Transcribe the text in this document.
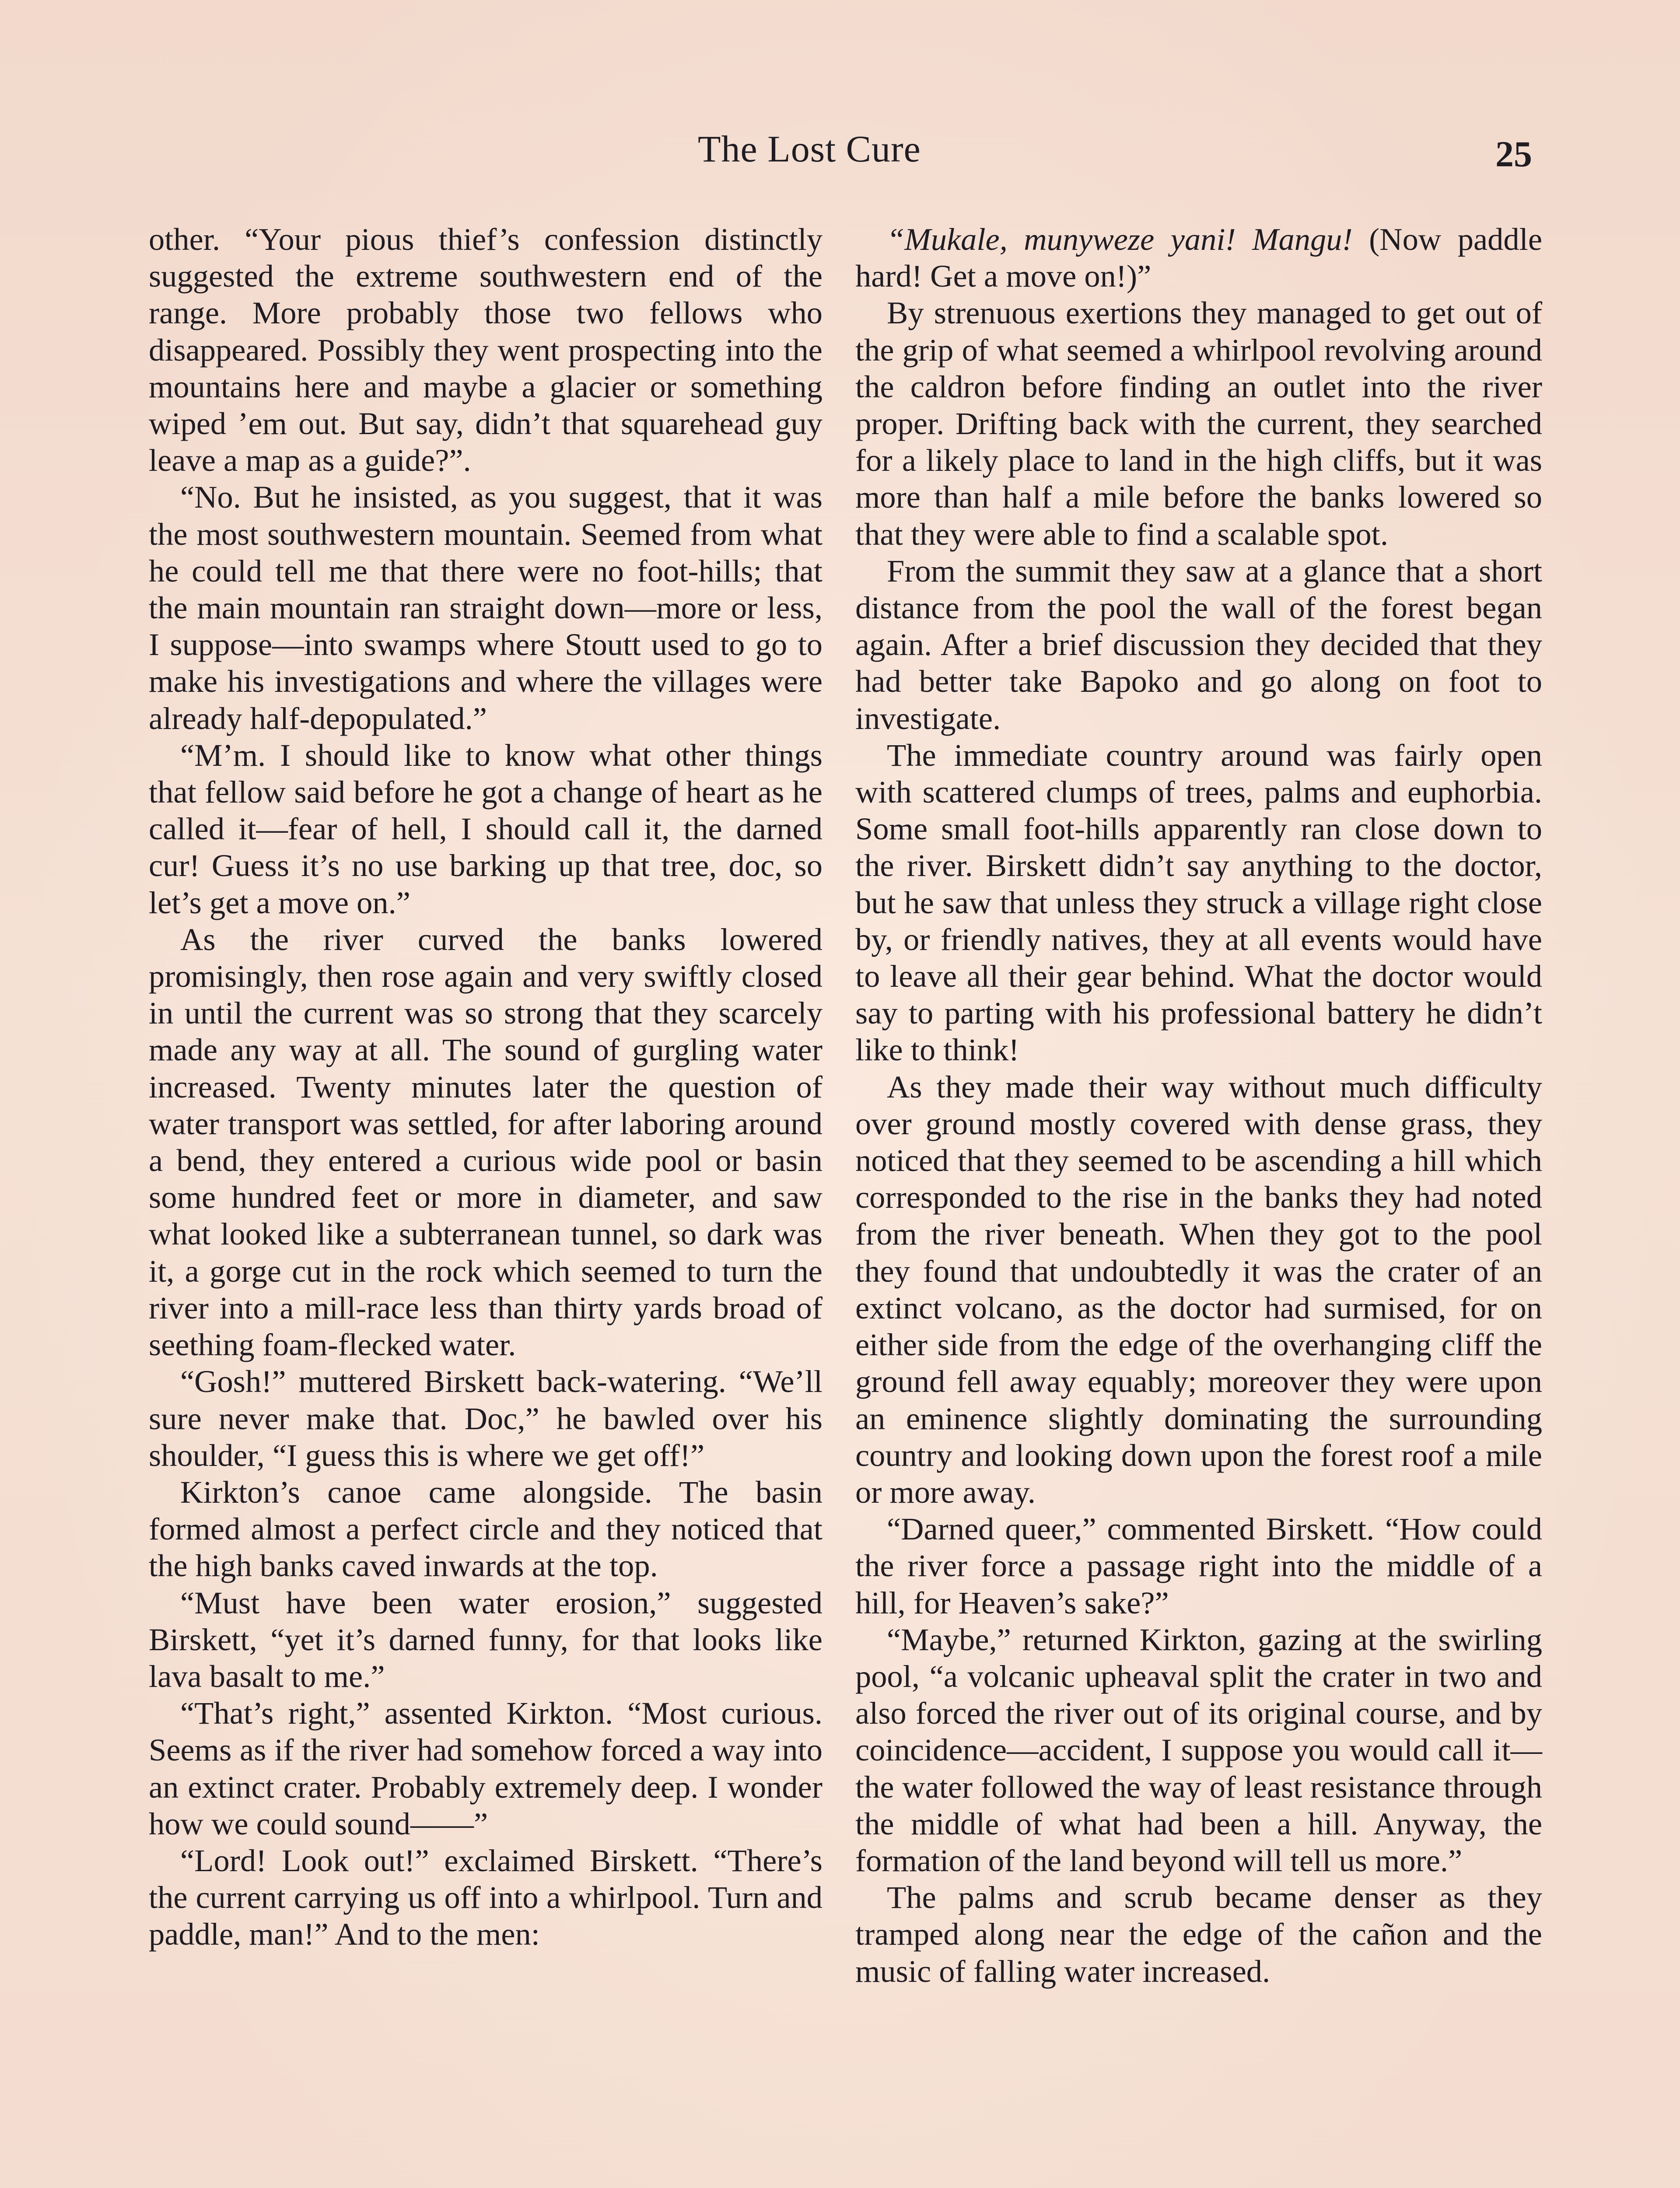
The Lost Cure	25

other. “Your pious thief’s confession distinctly suggested the extreme southwestern end of the range. More probably those two fellows who disappeared. Possibly they went prospecting into the mountains here and maybe a glacier or something wiped ’em out. But say, didn’t that squarehead guy leave a map as a guide?”.

“No. But he insisted, as you suggest, that it was the most southwestern mountain. Seemed from what he could tell me that there were no foot-hills; that the main mountain ran straight down—more or less, I suppose—into swamps where Stoutt used to go to make his investigations and where the villages were already half-depopulated.”

“M’m. I should like to know what other things that fellow said before he got a change of heart as he called it—fear of hell, I should call it, the darned cur! Guess it’s no use barking up that tree, doc, so let’s get a move on.”

As the river curved the banks lowered promisingly, then rose again and very swiftly closed in until the current was so strong that they scarcely made any way at all. The sound of gurgling water increased. Twenty minutes later the question of water transport was settled, for after laboring around a bend, they entered a curious wide pool or basin some hundred feet or more in diameter, and saw what looked like a subterranean tunnel, so dark was it, a gorge cut in the rock which seemed to turn the river into a mill-race less than thirty yards broad of seething foam-flecked water.

“Gosh!” muttered Birskett back-watering. “We’ll sure never make that. Doc,” he bawled over his shoulder, “I guess this is where we get off!”

Kirkton’s canoe came alongside. The basin formed almost a perfect circle and they noticed that the high banks caved inwards at the top.

“Must have been water erosion,” suggested Birskett, “yet it’s darned funny, for that looks like lava basalt to me.”

“That’s right,” assented Kirkton. “Most curious. Seems as if the river had somehow forced a way into an extinct crater. Probably extremely deep. I wonder how we could sound——”

“Lord! Look out!” exclaimed Birskett. “There’s the current carrying us off into a whirlpool. Turn and paddle, man!” And to the men:

“Mukale, munyweze yani! Mangu! (Now paddle hard! Get a move on!)”

By strenuous exertions they managed to get out of the grip of what seemed a whirlpool revolving around the caldron before finding an outlet into the river proper. Drifting back with the current, they searched for a likely place to land in the high cliffs, but it was more than half a mile before the banks lowered so that they were able to find a scalable spot.

From the summit they saw at a glance that a short distance from the pool the wall of the forest began again. After a brief discussion they decided that they had better take Bapoko and go along on foot to investigate.

The immediate country around was fairly open with scattered clumps of trees, palms and euphorbia. Some small foot-hills apparently ran close down to the river. Birskett didn’t say anything to the doctor, but he saw that unless they struck a village right close by, or friendly natives, they at all events would have to leave all their gear behind. What the doctor would say to parting with his professional battery he didn’t like to think!

As they made their way without much difficulty over ground mostly covered with dense grass, they noticed that they seemed to be ascending a hill which corresponded to the rise in the banks they had noted from the river beneath. When they got to the pool they found that undoubtedly it was the crater of an extinct volcano, as the doctor had surmised, for on either side from the edge of the overhanging cliff the ground fell away equably; moreover they were upon an eminence slightly dominating the surrounding country and looking down upon the forest roof a mile or more away.

“Darned queer,” commented Birskett. “How could the river force a passage right into the middle of a hill, for Heaven’s sake?”

“Maybe,” returned Kirkton, gazing at the swirling pool, “a volcanic upheaval split the crater in two and also forced the river out of its original course, and by coincidence—accident, I suppose you would call it—the water followed the way of least resistance through the middle of what had been a hill. Anyway, the formation of the land beyond will tell us more.”

The palms and scrub became denser as they tramped along near the edge of the cañon and the music of falling water increased.
